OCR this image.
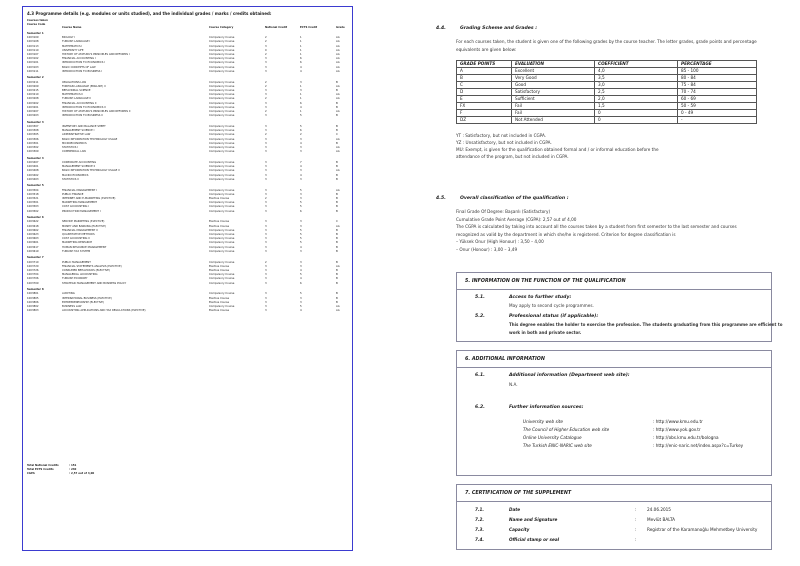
4.3 Programme details (e.g. modules or units studied), and the individual grades / marks / credits obtained:
Courses taken
Course Code
Course Name	Course Category	National Credit	ECTS Credit	Grade
Semester 1
1003109	BIOLOGY I	Compulsory Course	2	1	AA
1003108	TURKISH LANGUAGE I	Compulsory Course	2	1	AA
1003113	MATHEMATICS I	Compulsory Course	3	1	AA
1003110	UNIVERSITY LIFE	Compulsory Course	0	1	AA
1003107	HISTORY OF ATATURK'S PRINCIPLES AND REFORMS I	Compulsory Course	2	1	AA
1003102	FINANCIAL ACCOUNTING I	Compulsory Course	3	6	AA
1003101	INTRODUCTION TO ECONOMICS I	Compulsory Course	3	6	AA
1003103	BASIC CONCEPTS OF LAW	Compulsory Course	3	4	AA
1003111	INTRODUCTION TO BUSINESS I	Compulsory Course	3	4	AA
Semester 2
1003211	OBLIGATIONS LAW	Compulsory Course	2	3	B
1003209	FOREIGN LANGUAGE (ENGLISH) II	Compulsory Course	2	1	AA
1003215	BEHAVIORAL SCIENCE	Compulsory Course	3	3	B
1003210	MATHEMATICS II	Compulsory Course	3	1	AA
1003208	TURKISH LANGUAGE II	Compulsory Course	2	1	AA
1003202	FINANCIAL ACCOUNTING II	Compulsory Course	3	6	B
1003201	INTRODUCTION TO ECONOMICS II	Compulsory Course	3	4	B
1003207	HISTORY OF ATATURK'S PRINCIPLES AND REFORMS II	Compulsory Course	2	1	AA
1003203	INTRODUCTION TO BUSINESS II	Compulsory Course	3	5	B
Semester 3
1003307	INVENTORY AND BALANCE SHEET	Compulsory Course	3	5	B
1003308	MANAGEMENT SCIENCE I	Compulsory Course	3	6	B
1003305	ADMINISTRATIVE LAW	Compulsory Course	2	2	C
1003306	BASIC INFORMATION TECHNOLOGY USAGE	Compulsory Course	3	3	AA
1003301	MICROECONOMICS	Compulsory Course	3	4	B
1003302	STATISTICS I	Compulsory Course	3	3	AA
1003309	COMMERCIAL LAW	Compulsory Course	3	3	AA
Semester 4
1003407	CORPORATE ACCOUNTING	Compulsory Course	3	7	B
1003401	MANAGEMENT SCIENCE II	Compulsory Course	3	4	B
1003408	BASIC INFORMATION TECHNOLOGY USAGE II	Compulsory Course	3	3	AA
1003402	MACRO ECONOMICS	Compulsory Course	3	4	B
1003403	STATISTICS II	Compulsory Course	3	3	B
Semester 5
1003504	FINANCIAL MANAGEMENT I	Compulsory Course	3	5	AA
1003518	PUBLIC FINANCE	Compulsory Course	3	3	B
1003521	INTERNET AND E-MARKETING (ELECTIVE)	Elective Course	2	3	B
1003501	MARKETING MANAGEMENT	Compulsory Course	3	5	B
1003503	COST ACCOUNTING I	Compulsory Course	3	5	B
1003502	PRODUCTION MANAGEMENT I	Compulsory Course	3	6	B
Semester 6
1003622	SERVICE MARKETING (ELECTIVE)	Elective Course	3	3	C
1003618	MONEY AND BANKING (ELECTIVE)	Elective Course	3	3	AA
1003602	FINANCIAL MANAGEMENT II	Compulsory Course	3	5	B
1003623	QUANTITATIVE METHODS	Compulsory Course	3	5	B
1003603	COST ACCOUNTING II	Compulsory Course	3	5	B
1003601	MARKETING RESEARCH	Compulsory Course	3	5	B
1003617	HUMAN RESOURCE MANAGEMENT	Compulsory Course	3	4	B
1003619	TURKISH TAX SYSTEM	Compulsory Course	3	3	B
Semester 7
1003710	PUBLIC MANAGEMENT	Compulsory Course	2	3	B
1003720	FINANCIAL STATEMENTS ANALYSIS (ELECTIVE)	Elective Course	3	3	AA
1003726	CONSUMER BEHAVIOURS (ELECTIVE)	Elective Course	3	4	B
1003704	MANAGERIAL ACCOUNTING	Compulsory Course	3	5	B
1003706	TURKISH ECONOMY	Compulsory Course	3	4	B
1003709	STRATEGIC MANAGEMENT AND BUSINESS POLICY	Compulsory Course	3	6	B
Semester 8
1003801	AUDITING	Compulsory Course	3	5	B
1003805	INTERNATIONAL BUSINESS (ELECTIVE)	Elective Course	3	3	B
1003806	ENTREPRENEURSHIP (ELECTIVE)	Elective Course	3	3	B
1003802	BUSINESS LAW	Compulsory Course	3	5	AA
1003803	ACCOUNTING APPLICATIONS AND TAX REGULATIONS (ELECTIVE)	Elective Course	3	4	AA
Total National Credits	: 151
Total ECTS Credits	: 240
CGPA	: 2,57 out of 4,00
4.4.	Grading Scheme and Grades :
For each courses taken, the student is given one of the following grades by the course teacher. The letter grades, grade points and percentage equivalents are given below:
GRADE POINTS	EVALUATION	COEFFICIENT	PERCENTAGE
A	Excellent	4,0	85 - 100
B	Very Good	3,5	80 - 84
C	Good	3,0	75 - 84
D	Satisfactory	2,5	70 - 74
E	Sufficient	2,0	60 - 69
FX	Fail	1,5	50 - 59
F	Fail	0	0 - 49
DZ	Not Attended	0	-
YT : Satisfactory, but not included in CGPA.
YZ : Unsatisfactory, but not included in CGPA.
MU: Exempt, is given for the qualification obtained formal and / or informal education before the
attendance of the program, but not included in CGPA.
4.5.	Overall classification of the qualification :
Final Grade Of Degree: Başarılı (Satisfactory)
Cumulative Grade Point Average (CGPA): 2,57 out of 4,00
The CGPA is calculated by taking into account all the courses taken by a student from first semester to the last semester and courses
recognized as valid by the department in which she/he is registered. Criterion for degree classification is
– Yüksek Onur (High Honour) : 3,50 – 4,00
– Onur (Honour) : 3,00 – 3,49
5. INFORMATION ON THE FUNCTION OF THE QUALIFICATION
5.1.	Access to further study:
May apply to second cycle programmes.
5.2.	Professional status (if applicable):
This degree enables the holder to exercise the profession. The students graduating from this programme are efficient to
work in both and private sector.
6. ADDITIONAL INFORMATION
6.1.	Additional information (Department web site):
N.A.
6.2.	Further information sources:
University web site	: http://www.kmu.edu.tr
The Council of Higher Education web site	: http://www.yok.gov.tr
Online University Catalogue	: http://obs.kmu.edu.tr/bologna
The Turkish ENIC-NARIC web site	: http://enic-naric.net/index.aspx?c=Turkey
7. CERTIFICATION OF THE SUPPLEMENT
7.1.	Date	:	24.06.2015
7.2.	Name and Signature	:	Mevlüt BALTA
7.3.	Capacity	:	Registrar of the Karamanoğlu Mehmetbey University
7.4.	Official stamp or seal	:
